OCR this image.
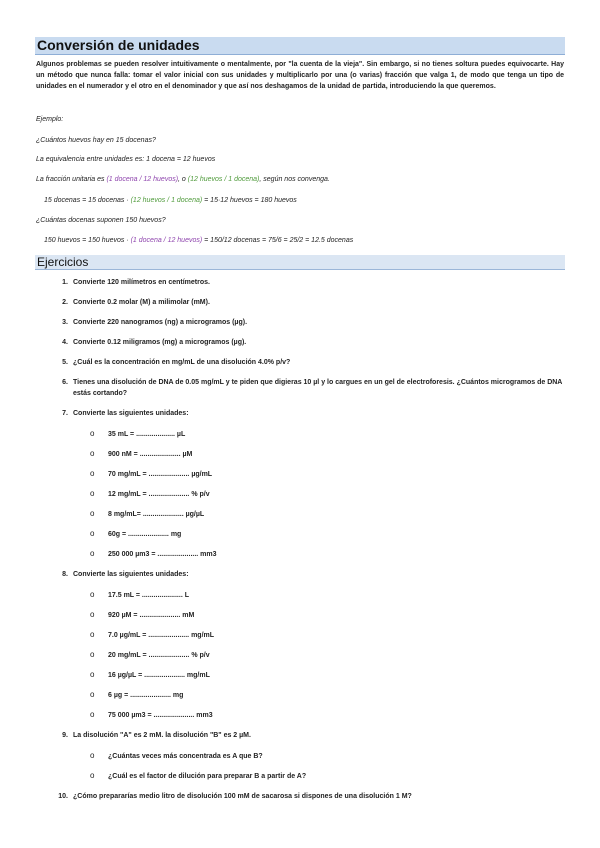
Conversión de unidades
Algunos problemas se pueden resolver intuitivamente o mentalmente, por "la cuenta de la vieja". Sin embargo, si no tienes soltura puedes equivocarte. Hay un método que nunca falla: tomar el valor inicial con sus unidades y multiplicarlo por una (o varias) fracción que valga 1, de modo que tenga un tipo de unidades en el numerador y el otro en el denominador y que así nos deshagamos de la unidad de partida, introduciendo la que queremos.
Ejemplo:
¿Cuántos huevos hay en 15 docenas?
La equivalencia entre unidades es: 1 docena = 12 huevos
La fracción unitaria es (1 docena / 12 huevos), o (12 huevos / 1 docena), según nos convenga.
15 docenas = 15 docenas · (12 huevos / 1 docena) = 15·12 huevos = 180 huevos
¿Cuántas docenas suponen 150 huevos?
150 huevos = 150 huevos · (1 docena / 12 huevos) = 150/12 docenas = 75/6 = 25/2 = 12.5 docenas
Ejercicios
1. Convierte 120 milímetros en centímetros.
2. Convierte 0.2 molar (M) a milimolar (mM).
3. Convierte 220 nanogramos (ng) a microgramos (µg).
4. Convierte 0.12 miligramos (mg) a microgramos (µg).
5. ¿Cuál es la concentración en mg/mL de una disolución 4.0% p/v?
6. Tienes una disolución de DNA de 0.05 mg/mL y te piden que digieras 10 µl y lo cargues en un gel de electroforesis. ¿Cuántos microgramos de DNA estás cortando?
7. Convierte las siguientes unidades:
o 35 mL = .................... µL
o 900 nM = ..................... µM
o 70 mg/mL = ..................... µg/mL
o 12 mg/mL = ..................... % p/v
o 8 mg/mL= ..................... µg/µL
o 60g = ..................... mg
o 250 000 µm3 = ..................... mm3
8. Convierte las siguientes unidades:
o 17.5 mL = ..................... L
o 920 µM = ..................... mM
o 7.0 µg/mL = ..................... mg/mL
o 20 mg/mL = ..................... % p/v
o 16 µg/µL = ..................... mg/mL
o 6 µg = ..................... mg
o 75 000 µm3 = ..................... mm3
9. La disolución "A" es 2 mM. la disolución "B" es 2 µM.
o ¿Cuántas veces más concentrada es A que B?
o ¿Cuál es el factor de dilución para preparar B a partir de A?
10. ¿Cómo prepararías medio litro de disolución 100 mM de sacarosa si dispones de una disolución 1 M?
